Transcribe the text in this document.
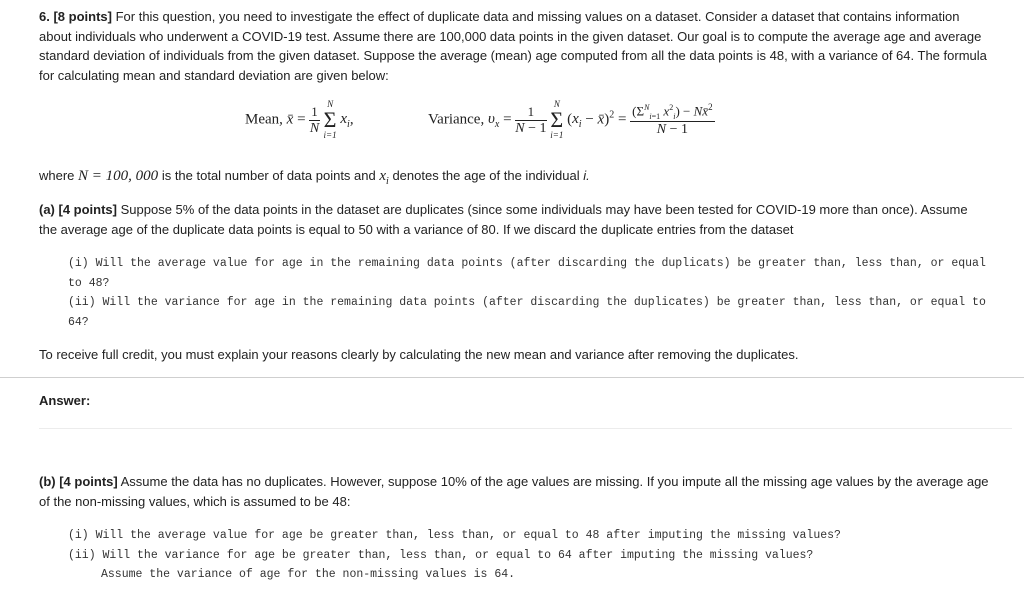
6. [8 points] For this question, you need to investigate the effect of duplicate data and missing values on a dataset. Consider a dataset that contains information about individuals who underwent a COVID-19 test. Assume there are 100,000 data points in the given dataset. Our goal is to compute the average age and average standard deviation of individuals from the given dataset. Suppose the average (mean) age computed from all the data points is 48, with a variance of 64. The formula for calculating mean and standard deviation are given below:
Mean, x̄ = $\frac{1}{N}$
N
Σ
i=1
$x_i$,	Variance, $\upsilon_x = \frac{1}{N - 1}$
N
Σ
i=1
($x_i$ − x̄)$^2$ = $\frac{(\Sigma^N_{i=1} x^2_i) - Nx̄^2}{N - 1}$
where N = 100, 000 is the total number of data points and $x_i$ denotes the age of the individual i.
(a) [4 points] Suppose 5% of the data points in the dataset are duplicates (since some individuals may have been tested for COVID-19 more than once). Assume the average age of the duplicate data points is equal to 50 with a variance of 80. If we discard the duplicate entries from the dataset
(i) Will the average value for age in the remaining data points (after discarding the duplicats) be greater than, less than, or equal
to 48?
(ii) Will the variance for age in the remaining data points (after discarding the duplicates) be greater than, less than, or equal to
64?
To receive full credit, you must explain your reasons clearly by calculating the new mean and variance after removing the duplicates.
Answer:
(b) [4 points] Assume the data has no duplicates. However, suppose 10% of the age values are missing. If you impute all the missing age values by the average age of the non-missing values, which is assumed to be 48:
(i) Will the average value for age be greater than, less than, or equal to 48 after imputing the missing values?
(ii) Will the variance for age be greater than, less than, or equal to 64 after imputing the missing values?
Assume the variance of age for the non-missing values is 64.
